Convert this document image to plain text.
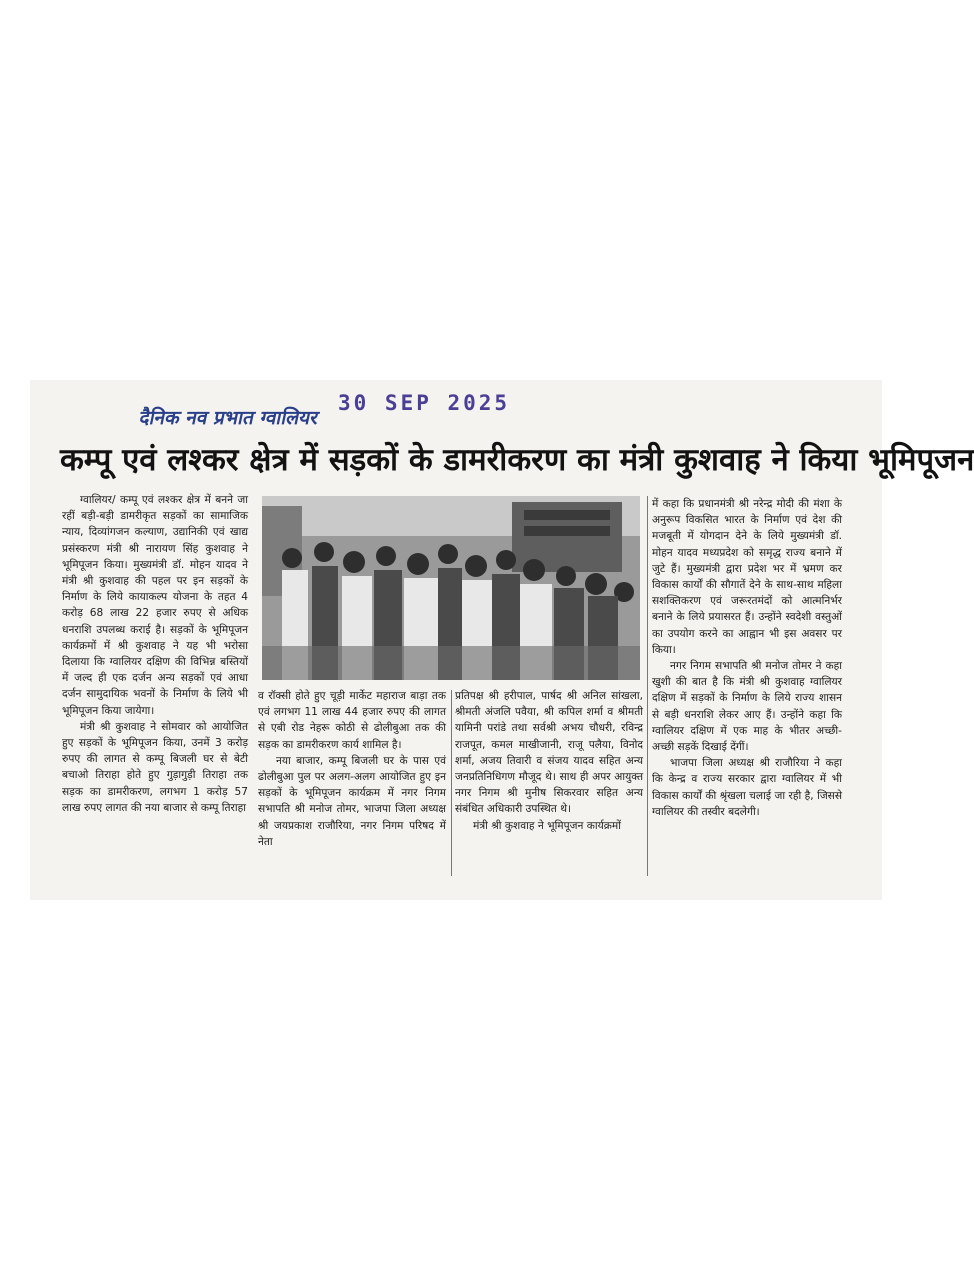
दैनिक नव प्रभात ग्वालियर
30 SEP 2025
कम्पू एवं लश्कर क्षेत्र में सड़कों के डामरीकरण का मंत्री कुशवाह ने किया भूमिपूजन

ग्वालियर/ कम्पू एवं लश्कर क्षेत्र में बनने जा रहीं बड़ी-बड़ी डामरीकृत सड़कों का सामाजिक न्याय, दिव्यांगजन कल्याण, उद्यानिकी एवं खाद्य प्रसंस्करण मंत्री श्री नारायण सिंह कुशवाह ने भूमिपूजन किया। मुख्यमंत्री डॉ. मोहन यादव ने मंत्री श्री कुशवाह की पहल पर इन सड़कों के निर्माण के लिये कायाकल्प योजना के तहत 4 करोड़ 68 लाख 22 हजार रुपए से अधिक धनराशि उपलब्ध कराई है। सड़कों के भूमिपूजन कार्यक्रमों में श्री कुशवाह ने यह भी भरोसा दिलाया कि ग्वालियर दक्षिण की विभिन्न बस्तियों में जल्द ही एक दर्जन अन्य सड़कों एवं आधा दर्जन सामुदायिक भवनों के निर्माण के लिये भी भूमिपूजन किया जायेगा।

मंत्री श्री कुशवाह ने सोमवार को आयोजित हुए सड़कों के भूमिपूजन किया, उनमें 3 करोड़ रुपए की लागत से कम्पू बिजली घर से बेटी बचाओ तिराहा होते हुए गुड़ागुड़ी तिराहा तक सड़क का डामरीकरण, लगभग 1 करोड़ 57 लाख रुपए लागत की नया बाजार से कम्पू तिराहा

व रॉक्सी होते हुए चूड़ी मार्केट महाराज बाड़ा तक एवं लगभग 11 लाख 44 हजार रुपए की लागत से एबी रोड नेहरू कोठी से ढोलीबुआ तक की सड़क का डामरीकरण कार्य शामिल है।

नया बाजार, कम्पू बिजली घर के पास एवं ढोलीबुआ पुल पर अलग-अलग आयोजित हुए इन सड़कों के भूमिपूजन कार्यक्रम में नगर निगम सभापति श्री मनोज तोमर, भाजपा जिला अध्यक्ष श्री जयप्रकाश राजौरिया, नगर निगम परिषद में नेता

प्रतिपक्ष श्री हरीपाल, पार्षद श्री अनिल सांखला, श्रीमती अंजलि पवैया, श्री कपिल शर्मा व श्रीमती यामिनी परांडे तथा सर्वश्री अभय चौधरी, रविन्द्र राजपूत, कमल माखीजानी, राजू पलैया, विनोद शर्मा, अजय तिवारी व संजय यादव सहित अन्य जनप्रतिनिधिगण मौजूद थे। साथ ही अपर आयुक्त नगर निगम श्री मुनीष सिकरवार सहित अन्य संबंधित अधिकारी उपस्थित थे।

मंत्री श्री कुशवाह ने भूमिपूजन कार्यक्रमों

में कहा कि प्रधानमंत्री श्री नरेन्द्र मोदी की मंशा के अनुरूप विकसित भारत के निर्माण एवं देश की मजबूती में योगदान देने के लिये मुख्यमंत्री डॉ. मोहन यादव मध्यप्रदेश को समृद्ध राज्य बनाने में जुटे हैं। मुख्यमंत्री द्वारा प्रदेश भर में भ्रमण कर विकास कार्यों की सौगातें देने के साथ-साथ महिला सशक्तिकरण एवं जरूरतमंदों को आत्मनिर्भर बनाने के लिये प्रयासरत हैं। उन्होंने स्वदेशी वस्तुओं का उपयोग करने का आह्वान भी इस अवसर पर किया।

नगर निगम सभापति श्री मनोज तोमर ने कहा खुशी की बात है कि मंत्री श्री कुशवाह ग्वालियर दक्षिण में सड़कों के निर्माण के लिये राज्य शासन से बड़ी धनराशि लेकर आए हैं। उन्होंने कहा कि ग्वालियर दक्षिण में एक माह के भीतर अच्छी-अच्छी सड़कें दिखाई देंगीं।

भाजपा जिला अध्यक्ष श्री राजौरिया ने कहा कि केन्द्र व राज्य सरकार द्वारा ग्वालियर में भी विकास कार्यों की श्रृंखला चलाई जा रही है, जिससे ग्वालियर की तस्वीर बदलेगी।
